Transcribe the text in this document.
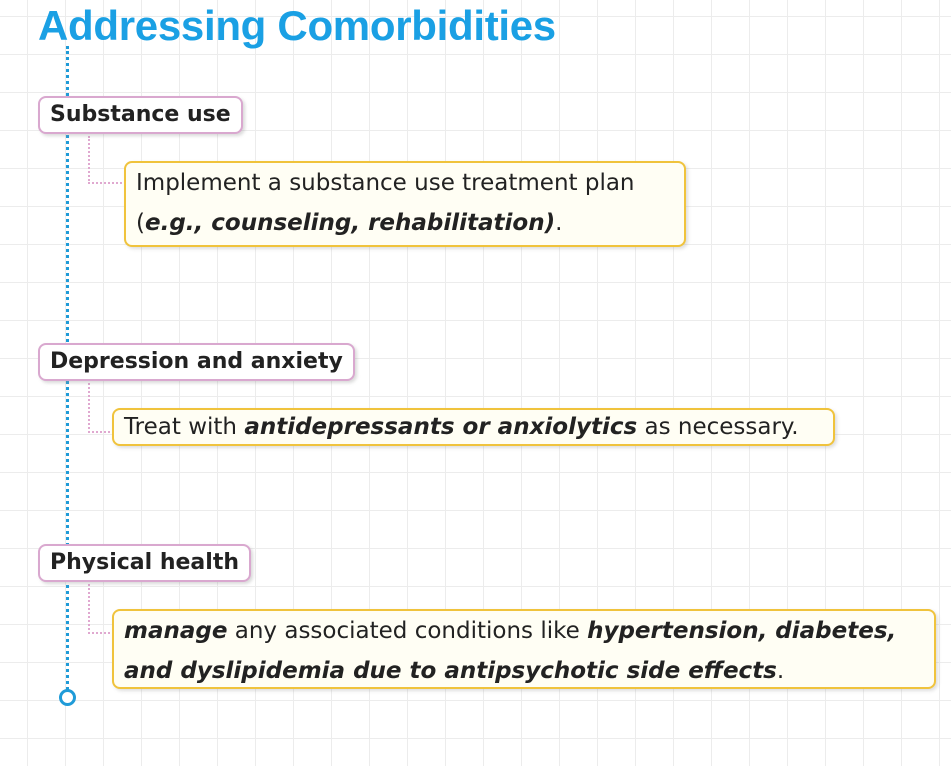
Addressing Comorbidities
Substance use
Implement a substance use treatment plan
(e.g., counseling, rehabilitation).
Depression and anxiety
Treat with antidepressants or anxiolytics as necessary.
Physical health
manage any associated conditions like hypertension, diabetes,
and dyslipidemia due to antipsychotic side effects.
